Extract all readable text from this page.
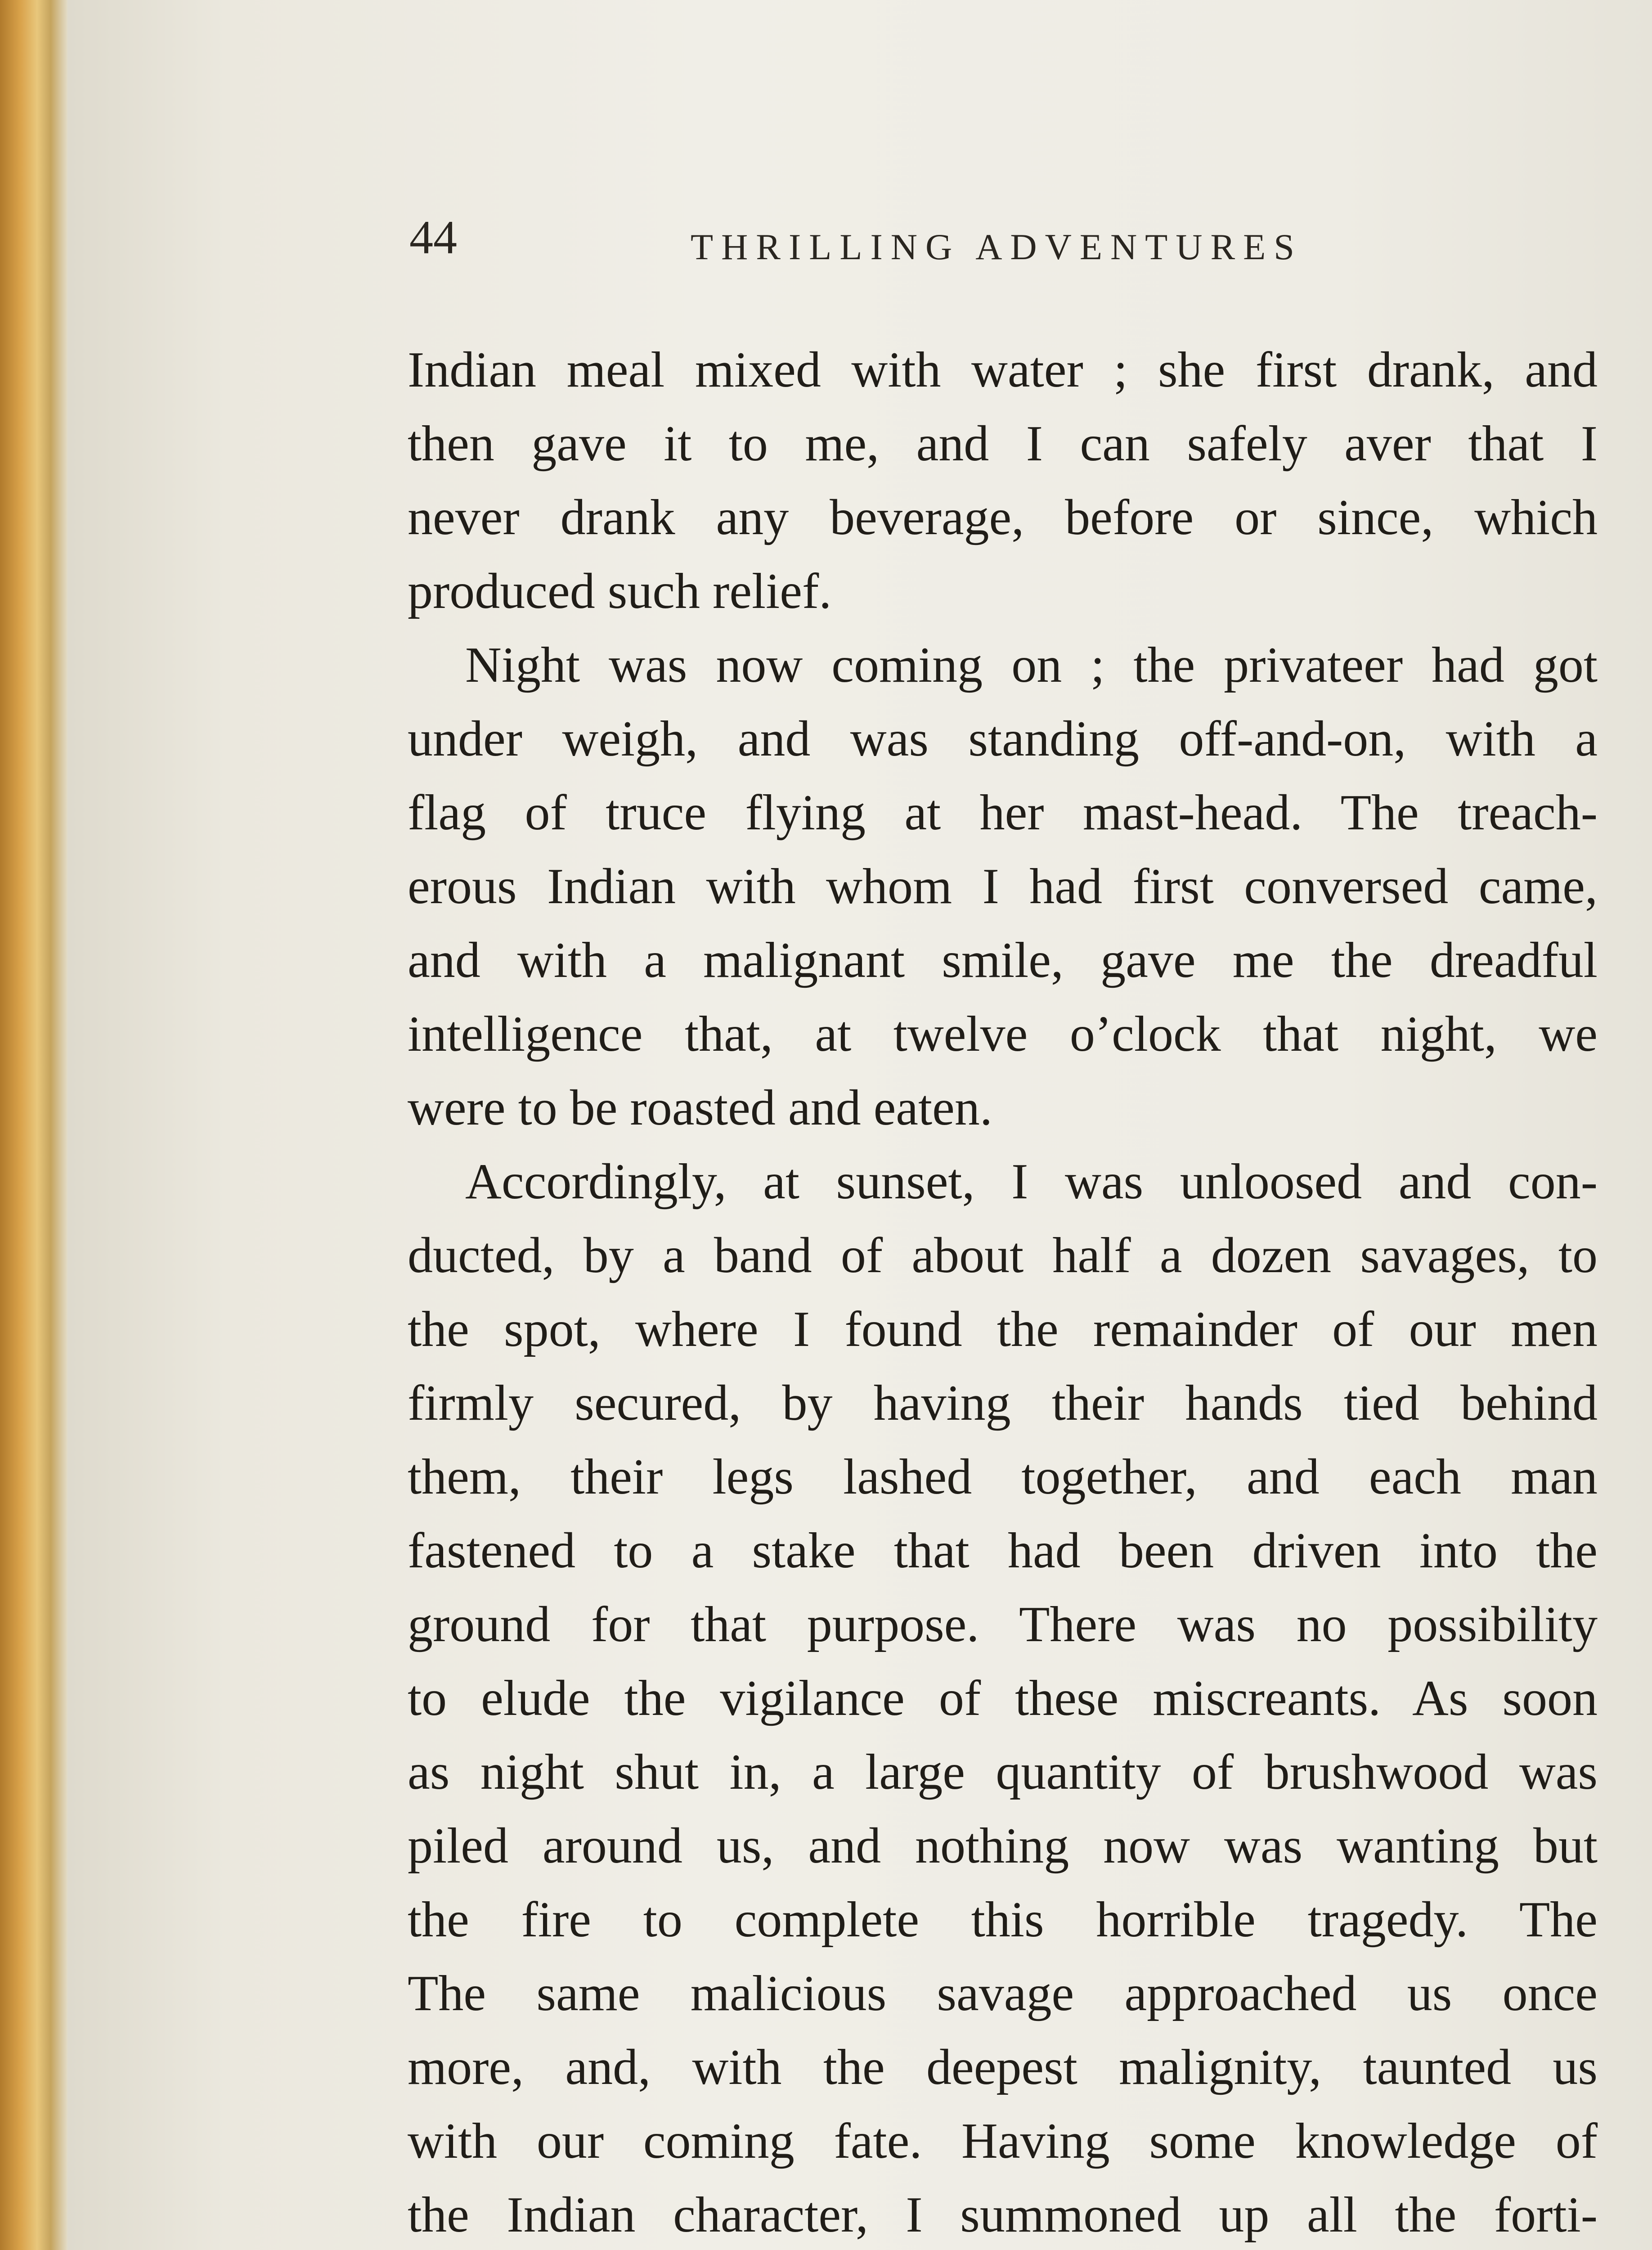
44	THRILLING ADVENTURES

Indian meal mixed with water ; she first drank, and
then gave it to me, and I can safely aver that I
never drank any beverage, before or since, which
produced such relief.
Night was now coming on ; the privateer had got
under weigh, and was standing off-and-on, with a
flag of truce flying at her mast-head. The treach-
erous Indian with whom I had first conversed came,
and with a malignant smile, gave me the dreadful
intelligence that, at twelve o’clock that night, we
were to be roasted and eaten.
Accordingly, at sunset, I was unloosed and con-
ducted, by a band of about half a dozen savages, to
the spot, where I found the remainder of our men
firmly secured, by having their hands tied behind
them, their legs lashed together, and each man
fastened to a stake that had been driven into the
ground for that purpose. There was no possibility
to elude the vigilance of these miscreants. As soon
as night shut in, a large quantity of brushwood was
piled around us, and nothing now was wanting but
the fire to complete this horrible tragedy. The
The same malicious savage approached us once
more, and, with the deepest malignity, taunted us
with our coming fate. Having some knowledge of
the Indian character, I summoned up all the forti-
